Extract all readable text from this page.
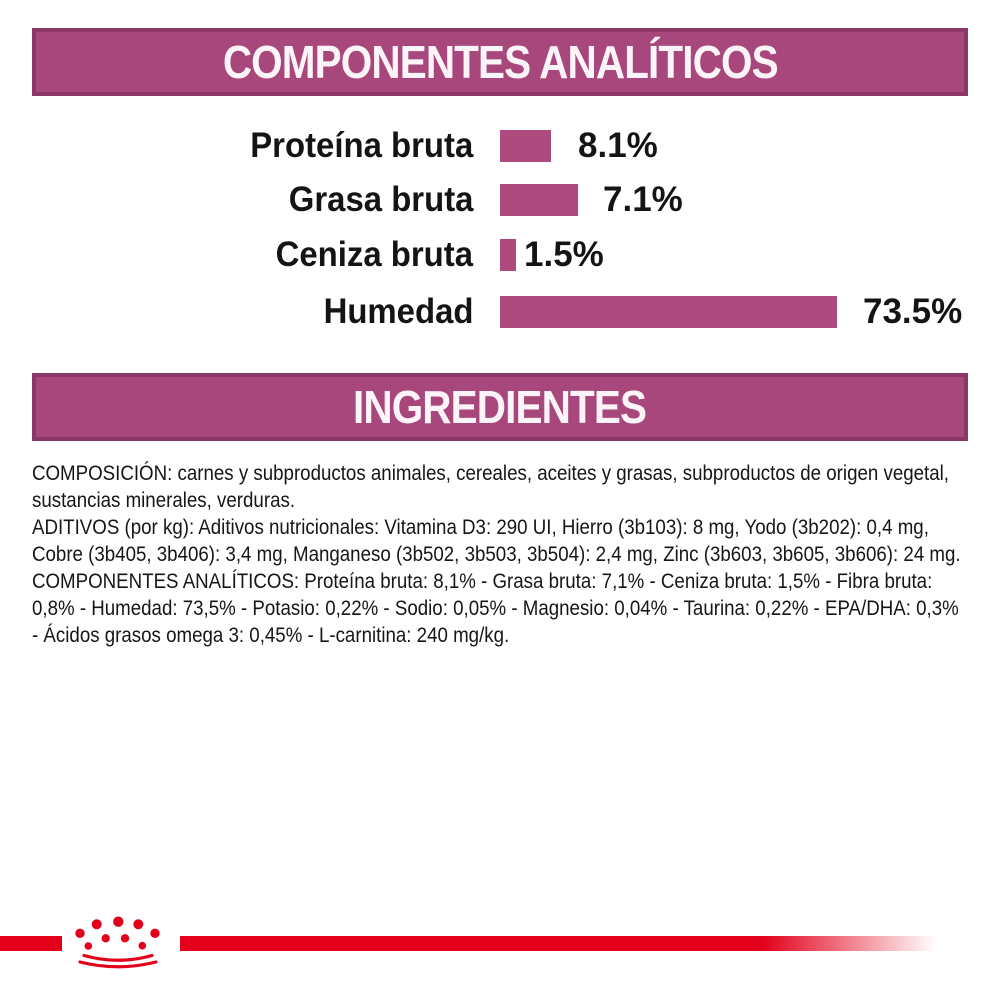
COMPONENTES ANALÍTICOS
Proteína bruta	8.1%
Grasa bruta	7.1%
Ceniza bruta 1.5%
Humedad	73.5%
INGREDIENTES
COMPOSICIÓN: carnes y subproductos animales, cereales, aceites y grasas, subproductos de origen vegetal,
sustancias minerales, verduras.
ADITIVOS (por kg): Aditivos nutricionales: Vitamina D3: 290 UI, Hierro (3b103): 8 mg, Yodo (3b202): 0,4 mg,
Cobre (3b405, 3b406): 3,4 mg, Manganeso (3b502, 3b503, 3b504): 2,4 mg, Zinc (3b603, 3b605, 3b606): 24 mg.
COMPONENTES ANALÍTICOS: Proteína bruta: 8,1% - Grasa bruta: 7,1% - Ceniza bruta: 1,5% - Fibra bruta:
0,8% - Humedad: 73,5% - Potasio: 0,22% - Sodio: 0,05% - Magnesio: 0,04% - Taurina: 0,22% - EPA/DHA: 0,3%
- Ácidos grasos omega 3: 0,45% - L-carnitina: 240 mg/kg.
